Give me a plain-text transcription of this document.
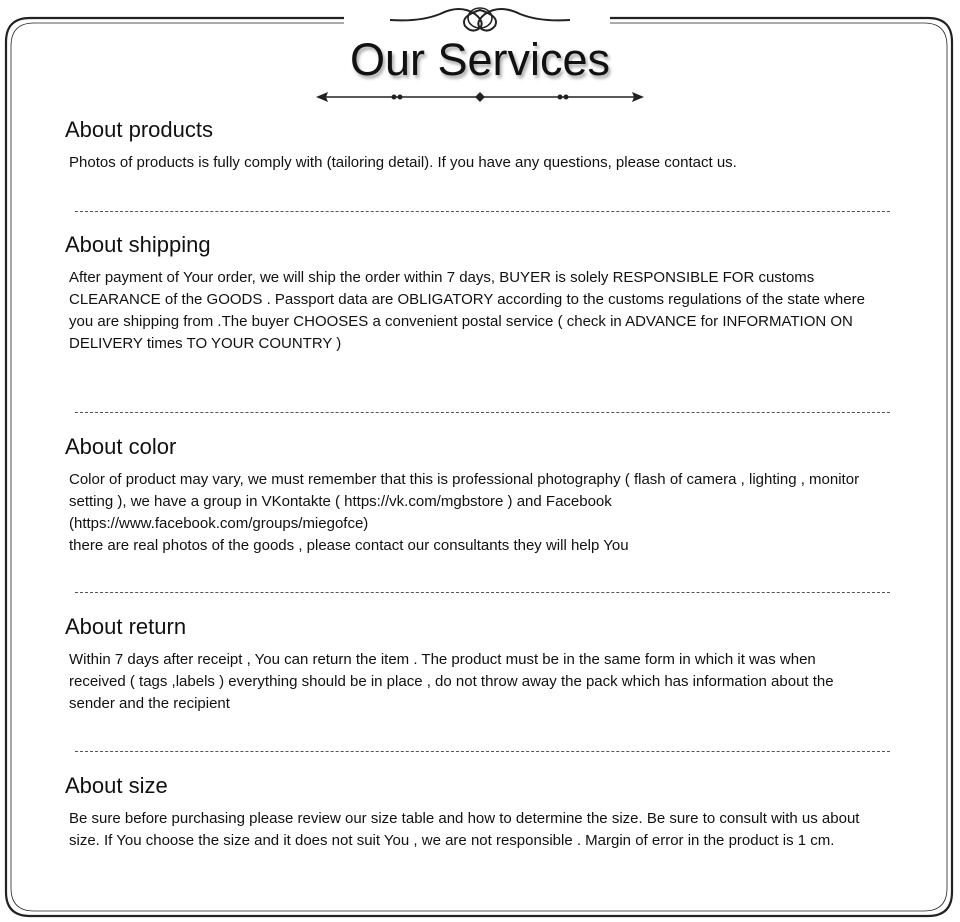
Our Services
About products

Photos of products is fully comply with (tailoring detail). If you have any questions, please contact us.

About shipping

After payment of Your order, we will ship the order within 7 days, BUYER is solely RESPONSIBLE FOR customs
CLEARANCE of the GOODS . Passport data are OBLIGATORY according to the customs regulations of the state where
you are shipping from .The buyer CHOOSES a convenient postal service ( check in ADVANCE for INFORMATION ON
DELIVERY times TO YOUR COUNTRY )

About color

Color of product may vary, we must remember that this is professional photography ( flash of camera , lighting , monitor
setting ), we have a group in VKontakte ( https://vk.com/mgbstore ) and Facebook
(https://www.facebook.com/groups/miegofce)
there are real photos of the goods , please contact our consultants they will help You

About return

Within 7 days after receipt , You can return the item . The product must be in the same form in which it was when
received ( tags ,labels ) everything should be in place , do not throw away the pack which has information about the
sender and the recipient

About size

Be sure before purchasing please review our size table and how to determine the size. Be sure to consult with us about
size. If You choose the size and it does not suit You , we are not responsible . Margin of error in the product is 1 cm.
